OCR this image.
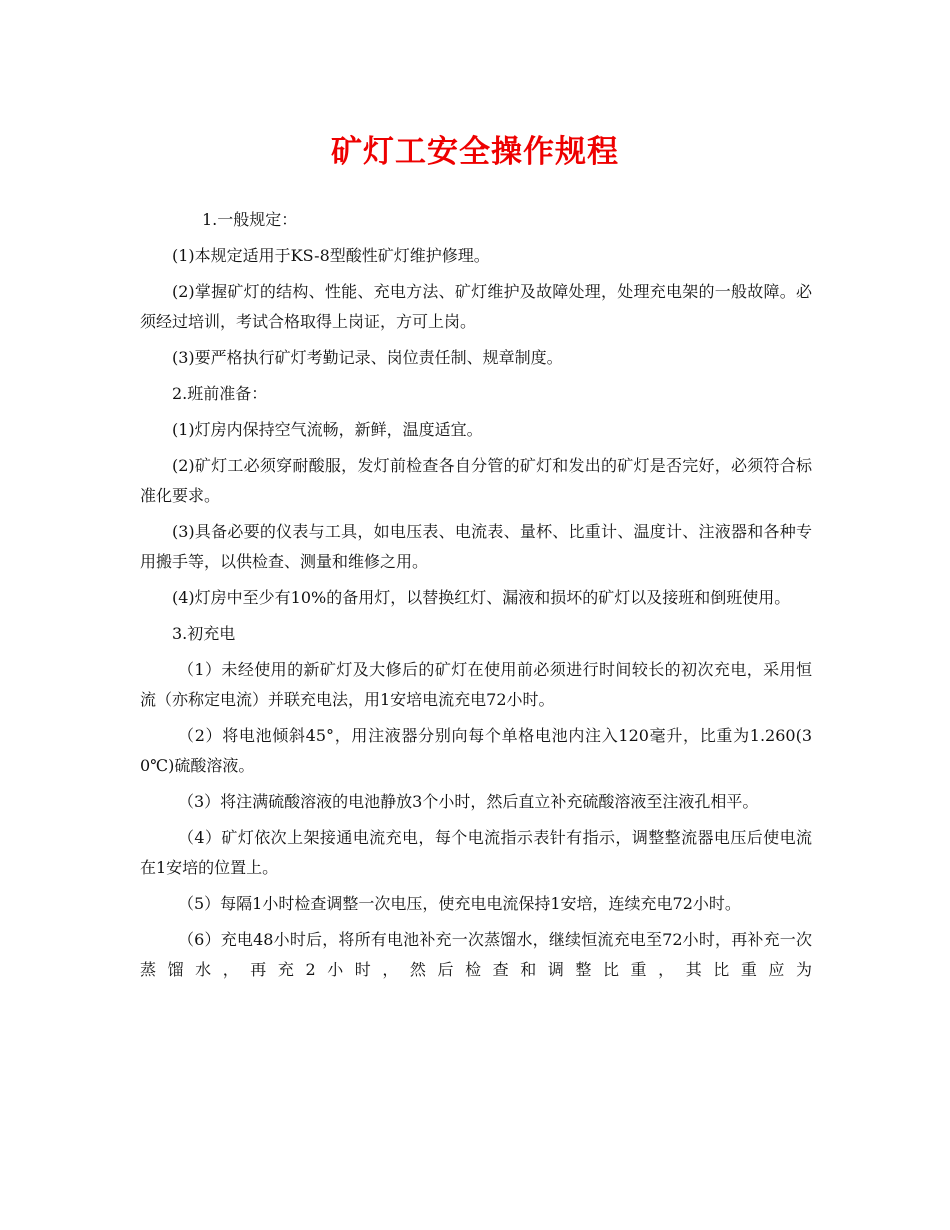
矿灯工安全操作规程

1.一般规定：

(1)本规定适用于KS-8型酸性矿灯维护修理。

(2)掌握矿灯的结构、性能、充电方法、矿灯维护及故障处理，处理充电架的一般故障。必须经过培训，考试合格取得上岗证，方可上岗。

(3)要严格执行矿灯考勤记录、岗位责任制、规章制度。

2.班前准备：

(1)灯房内保持空气流畅，新鲜，温度适宜。

(2)矿灯工必须穿耐酸服，发灯前检查各自分管的矿灯和发出的矿灯是否完好，必须符合标准化要求。

(3)具备必要的仪表与工具，如电压表、电流表、量杯、比重计、温度计、注液器和各种专用搬手等，以供检查、测量和维修之用。

(4)灯房中至少有10%的备用灯，以替换红灯、漏液和损坏的矿灯以及接班和倒班使用。

3.初充电

（1）未经使用的新矿灯及大修后的矿灯在使用前必须进行时间较长的初次充电，采用恒流（亦称定电流）并联充电法，用1安培电流充电72小时。

（2）将电池倾斜45°，用注液器分别向每个单格电池内注入120毫升，比重为1.260(30℃)硫酸溶液。

（3）将注满硫酸溶液的电池静放3个小时，然后直立补充硫酸溶液至注液孔相平。

（4）矿灯依次上架接通电流充电，每个电流指示表针有指示，调整整流器电压后使电流在1安培的位置上。

（5）每隔1小时检查调整一次电压，使充电电流保持1安培，连续充电72小时。

（6）充电48小时后，将所有电池补充一次蒸馏水，继续恒流充电至72小时，再补充一次蒸馏水，再充2小时，然后检查和调整比重，其比重应为
